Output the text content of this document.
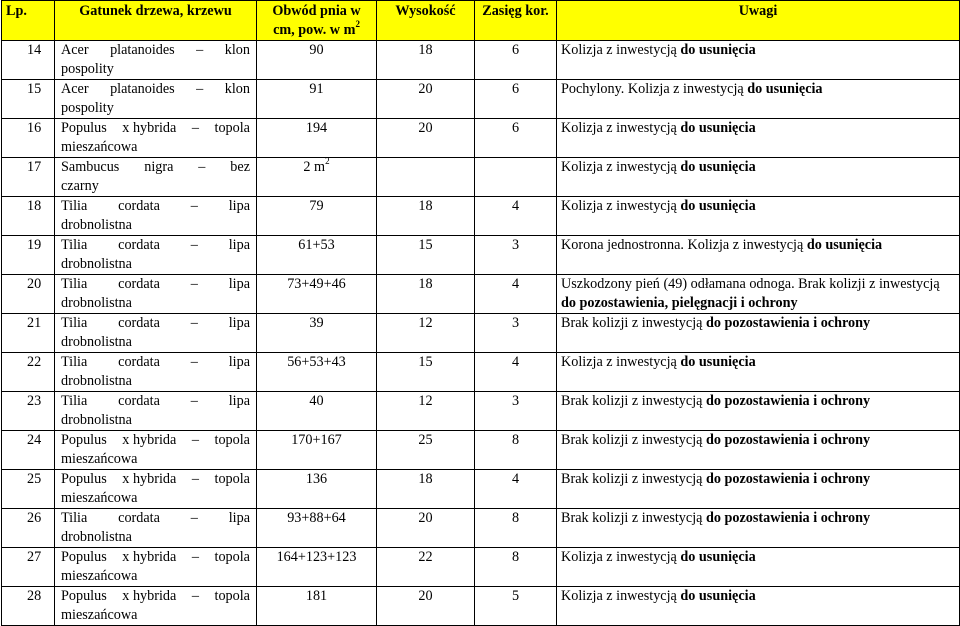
Lp.	Gatunek drzewa, krzewu	Obwód pnia w
cm, pow. w $m^2$	Wysokość	Zasięg kor.	Uwagi
14	Acer platanoides – klon
pospolity	90	18	6	Kolizja z inwestycją do usunięcia
15	Acer platanoides – klon
pospolity	91	20	6	Pochylony. Kolizja z inwestycją do usunięcia
16	Populus x hybrida – topola
mieszańcowa	194	20	6	Kolizja z inwestycją do usunięcia
17	Sambucus nigra – bez
czarny	2 $m^2$			Kolizja z inwestycją do usunięcia
18	Tilia cordata – lipa
drobnolistna	79	18	4	Kolizja z inwestycją do usunięcia
19	Tilia cordata – lipa
drobnolistna	61+53	15	3	Korona jednostronna. Kolizja z inwestycją do usunięcia
20	Tilia cordata – lipa
drobnolistna	73+49+46	18	4	Uszkodzony pień (49) odłamana odnoga. Brak kolizji z inwestycją do pozostawienia, pielęgnacji i ochrony
21	Tilia cordata – lipa
drobnolistna	39	12	3	Brak kolizji z inwestycją do pozostawienia i ochrony
22	Tilia cordata – lipa
drobnolistna	56+53+43	15	4	Kolizja z inwestycją do usunięcia
23	Tilia cordata – lipa
drobnolistna	40	12	3	Brak kolizji z inwestycją do pozostawienia i ochrony
24	Populus x hybrida – topola
mieszańcowa	170+167	25	8	Brak kolizji z inwestycją do pozostawienia i ochrony
25	Populus x hybrida – topola
mieszańcowa	136	18	4	Brak kolizji z inwestycją do pozostawienia i ochrony
26	Tilia cordata – lipa
drobnolistna	93+88+64	20	8	Brak kolizji z inwestycją do pozostawienia i ochrony
27	Populus x hybrida – topola
mieszańcowa	164+123+123	22	8	Kolizja z inwestycją do usunięcia
28	Populus x hybrida – topola
mieszańcowa	181	20	5	Kolizja z inwestycją do usunięcia
